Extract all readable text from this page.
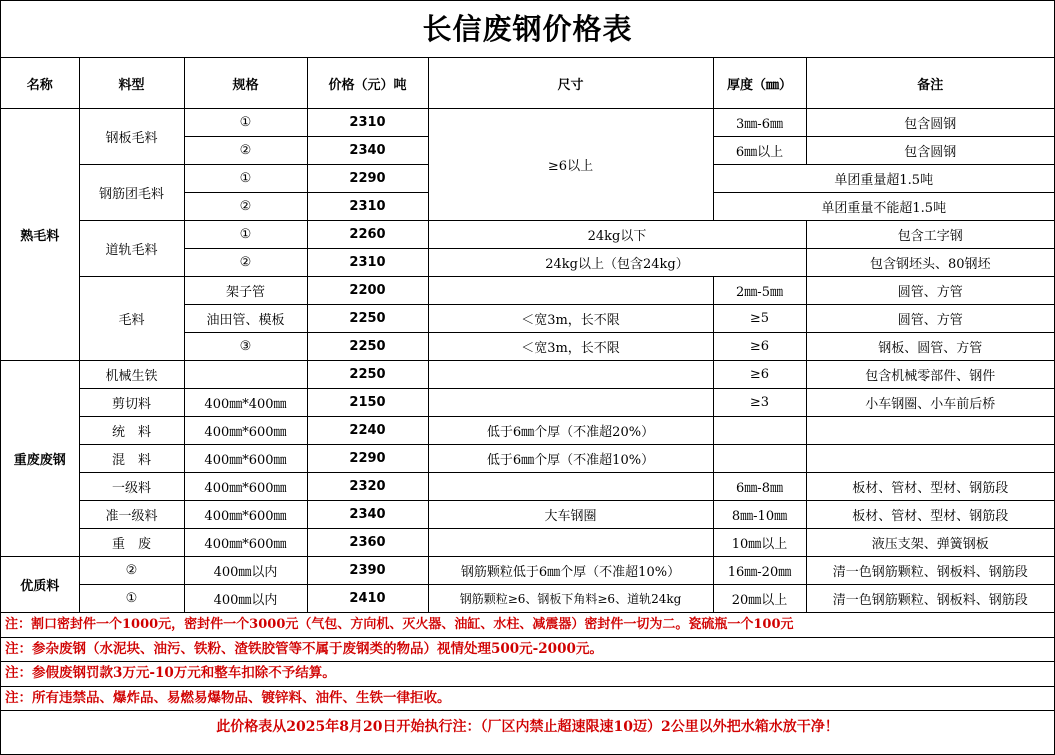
长信废钢价格表
名称	料型	规格	价格（元）吨	尺寸	厚度（㎜）	备注
熟毛料	钢板毛料	①	2310	≥6以上	3㎜-6㎜	包含圆钢
		②	2340		6㎜以上	包含圆钢
	钢筋团毛料	①	2290		单团重量超1.5吨	
		②	2310		单团重量不能超1.5吨	
	道轨毛料	①	2260	24kg以下		包含工字钢
		②	2310	24kg以上（包含24kg）		包含钢坯头、80钢坯
	毛料	架子管	2200		2㎜-5㎜	圆管、方管
		油田管、模板	2250	＜宽3m，长不限	≥5	圆管、方管
		③	2250	＜宽3m，长不限	≥6	钢板、圆管、方管
重废废钢	机械生铁		2250		≥6	包含机械零部件、钢件
	剪切料	400㎜*400㎜	2150		≥3	小车钢圈、小车前后桥
	统　料	400㎜*600㎜	2240	低于6㎜个厚（不准超20%）		
	混　料	400㎜*600㎜	2290	低于6㎜个厚（不准超10%）		
	一级料	400㎜*600㎜	2320		6㎜-8㎜	板材、管材、型材、钢筋段
	准一级料	400㎜*600㎜	2340	大车钢圈	8㎜-10㎜	板材、管材、型材、钢筋段
	重　废	400㎜*600㎜	2360		10㎜以上	液压支架、弹簧钢板
优质料	②	400㎜以内	2390	钢筋颗粒低于6㎜个厚（不准超10%）	16㎜-20㎜	清一色钢筋颗粒、钢板料、钢筋段
	①	400㎜以内	2410	钢筋颗粒≥6、钢板下角料≥6、道轨24kg	20㎜以上	清一色钢筋颗粒、钢板料、钢筋段
注：割口密封件一个1000元，密封件一个3000元（气包、方向机、灭火器、油缸、水柱、减震器）密封件一切为二。瓷硫瓶一个100元
注：参杂废钢（水泥块、油污、铁粉、渣铁胶管等不属于废钢类的物品）视情处理500元-2000元。
注：参假废钢罚款3万元-10万元和整车扣除不予结算。
注：所有违禁品、爆炸品、易燃易爆物品、镀锌料、油件、生铁一律拒收。
此价格表从2025年8月20日开始执行注：（厂区内禁止超速限速10迈）2公里以外把水箱水放干净！
